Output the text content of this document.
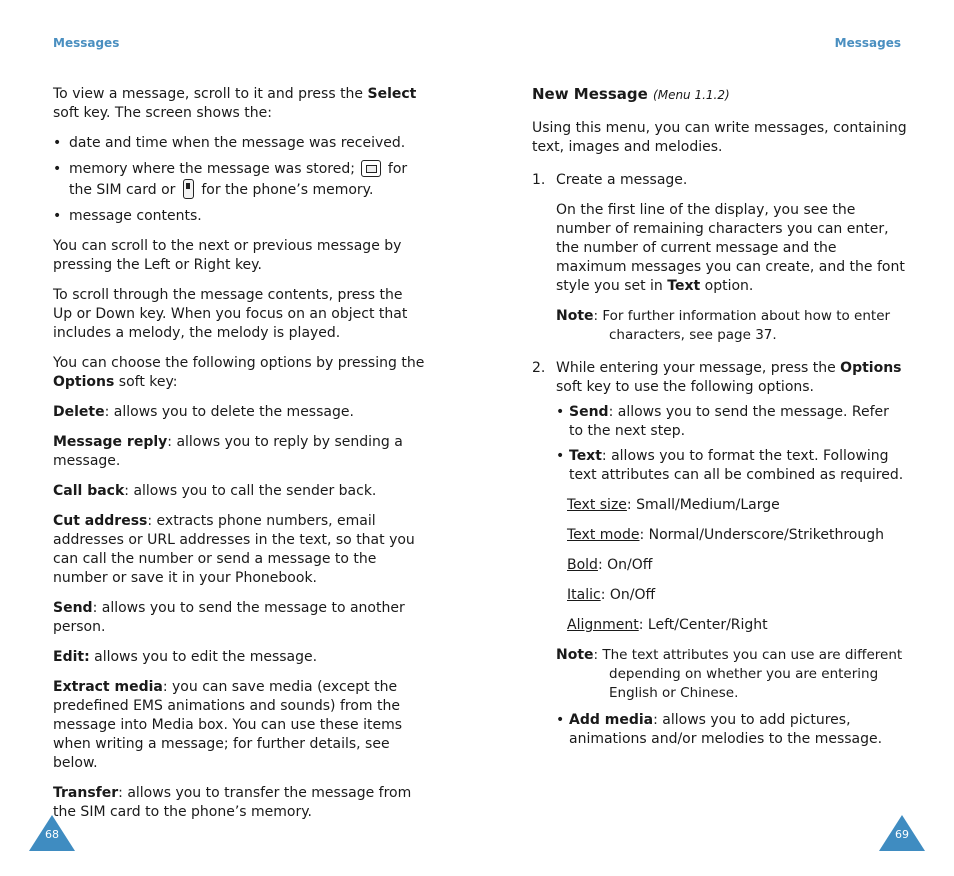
Messages

To view a message, scroll to it and press the Select soft key. The screen shows the:

• date and time when the message was received.
• memory where the message was stored;  for the SIM card or  for the phone’s memory.
• message contents.

You can scroll to the next or previous message by pressing the Left or Right key.

To scroll through the message contents, press the Up or Down key. When you focus on an object that includes a melody, the melody is played.

You can choose the following options by pressing the Options soft key:

Delete: allows you to delete the message.

Message reply: allows you to reply by sending a message.

Call back: allows you to call the sender back.

Cut address: extracts phone numbers, email addresses or URL addresses in the text, so that you can call the number or send a message to the number or save it in your Phonebook.

Send: allows you to send the message to another person.

Edit: allows you to edit the message.

Extract media: you can save media (except the predefined EMS animations and sounds) from the message into Media box. You can use these items when writing a message; for further details, see below.

Transfer: allows you to transfer the message from the SIM card to the phone’s memory.

68
Messages
New Message (Menu 1.1.2)

Using this menu, you can write messages, containing text, images and melodies.

1. Create a message.

On the first line of the display, you see the number of remaining characters you can enter, the number of current message and the maximum messages you can create, and the font style you set in Text option.

Note: For further information about how to enter
characters, see page 37.
2. While entering your message, press the Options soft key to use the following options.
• Send: allows you to send the message. Refer to the next step.
• Text: allows you to format the text. Following text attributes can all be combined as required.
Text size: Small/Medium/Large
Text mode: Normal/Underscore/Strikethrough
Bold: On/Off
Italic: On/Off
Alignment: Left/Center/Right
Note: The text attributes you can use are different
depending on whether you are entering
English or Chinese.
• Add media: allows you to add pictures, animations and/or melodies to the message.
69
